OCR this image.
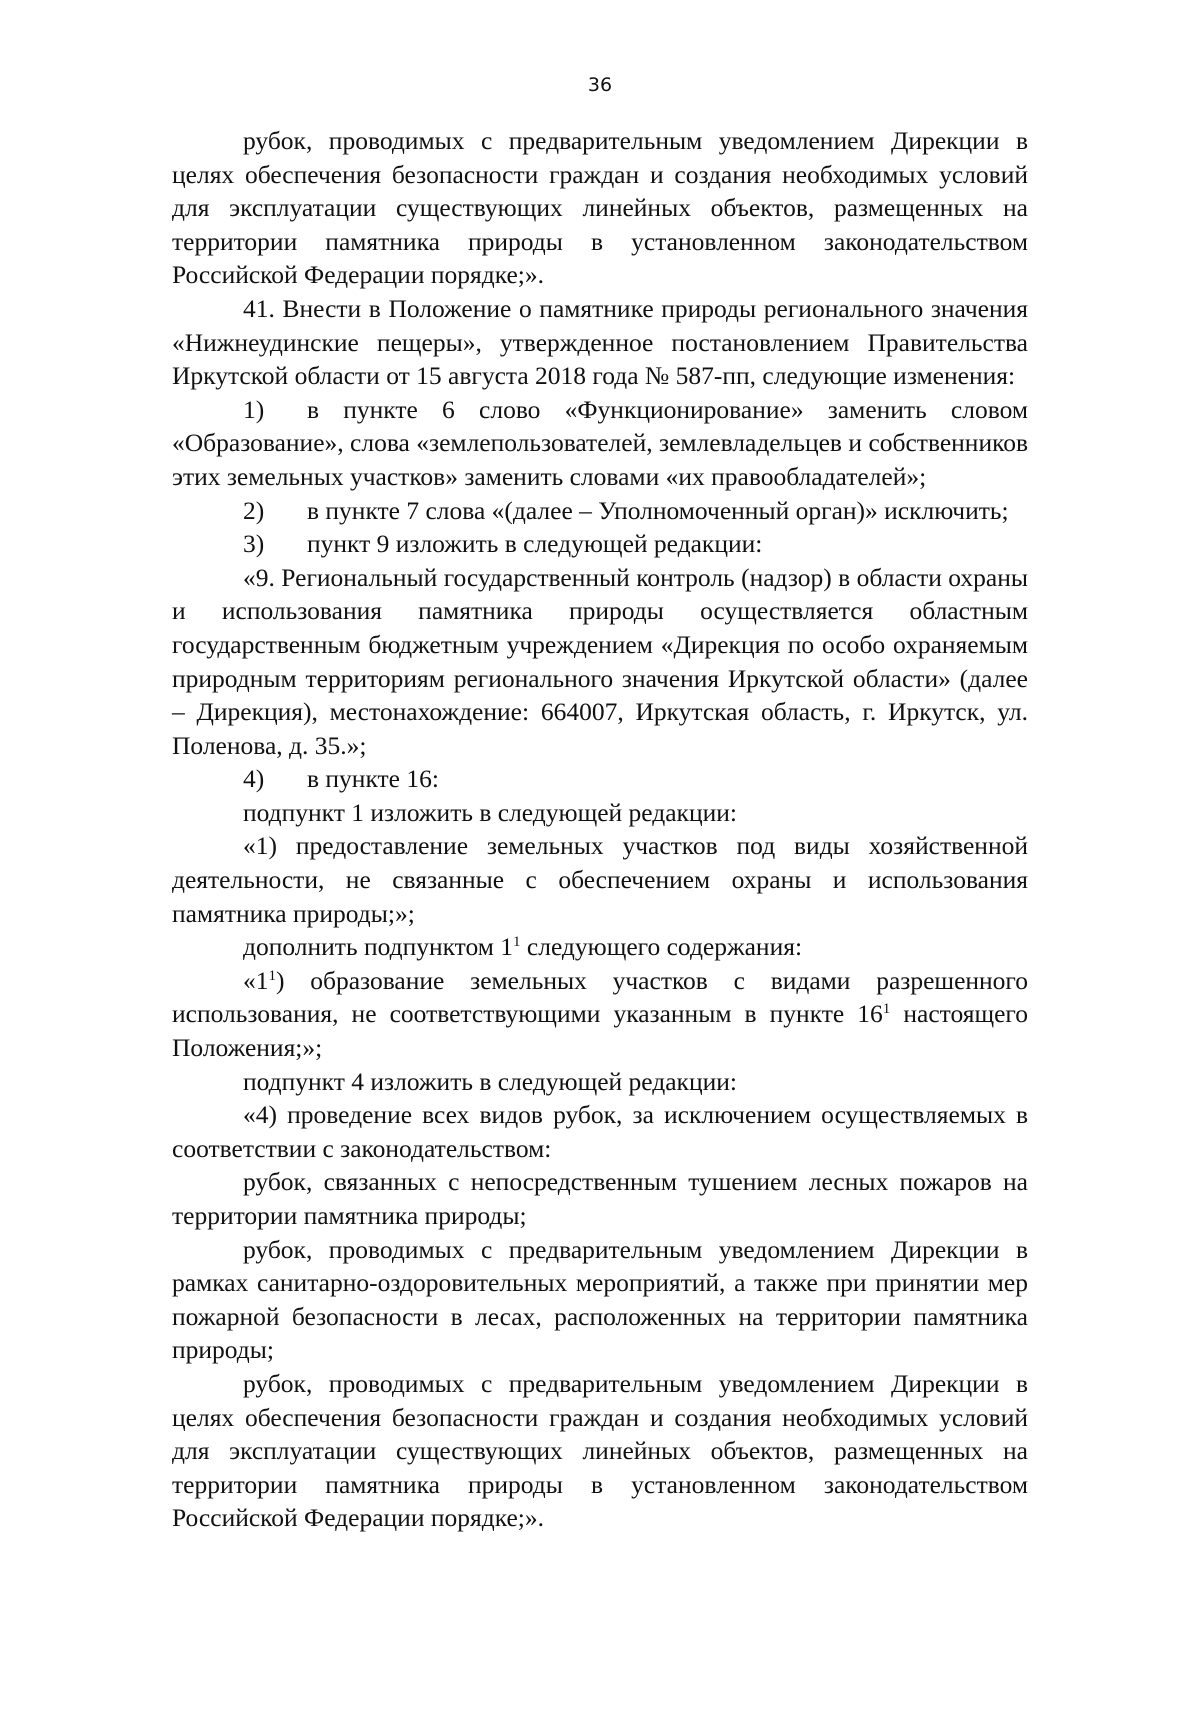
36

рубок, проводимых с предварительным уведомлением Дирекции в целях обеспечения безопасности граждан и создания необходимых условий для эксплуатации существующих линейных объектов, размещенных на территории памятника природы в установленном законодательством Российской Федерации порядке;».

41. Внести в Положение о памятнике природы регионального значения «Нижнеудинские пещеры», утвержденное постановлением Правительства Иркутской области от 15 августа 2018 года № 587-пп, следующие изменения:

1) в пункте 6 слово «Функционирование» заменить словом «Образование», слова «землепользователей, землевладельцев и собственников этих земельных участков» заменить словами «их правообладателей»;

2) в пункте 7 слова «(далее – Уполномоченный орган)» исключить;

3) пункт 9 изложить в следующей редакции:

«9. Региональный государственный контроль (надзор) в области охраны и использования памятника природы осуществляется областным государственным бюджетным учреждением «Дирекция по особо охраняемым природным территориям регионального значения Иркутской области» (далее – Дирекция), местонахождение: 664007, Иркутская область, г. Иркутск, ул. Поленова, д. 35.»;

4) в пункте 16:

подпункт 1 изложить в следующей редакции:

«1) предоставление земельных участков под виды хозяйственной деятельности, не связанные с обеспечением охраны и использования памятника природы;»;

дополнить подпунктом $1^1$ следующего содержания:

«$1^1$) образование земельных участков с видами разрешенного использования, не соответствующими указанным в пункте $16^1$ настоящего Положения;»;

подпункт 4 изложить в следующей редакции:

«4) проведение всех видов рубок, за исключением осуществляемых в соответствии с законодательством:

рубок, связанных с непосредственным тушением лесных пожаров на территории памятника природы;

рубок, проводимых с предварительным уведомлением Дирекции в рамках санитарно-оздоровительных мероприятий, а также при принятии мер пожарной безопасности в лесах, расположенных на территории памятника природы;

рубок, проводимых с предварительным уведомлением Дирекции в целях обеспечения безопасности граждан и создания необходимых условий для эксплуатации существующих линейных объектов, размещенных на территории памятника природы в установленном законодательством Российской Федерации порядке;».
